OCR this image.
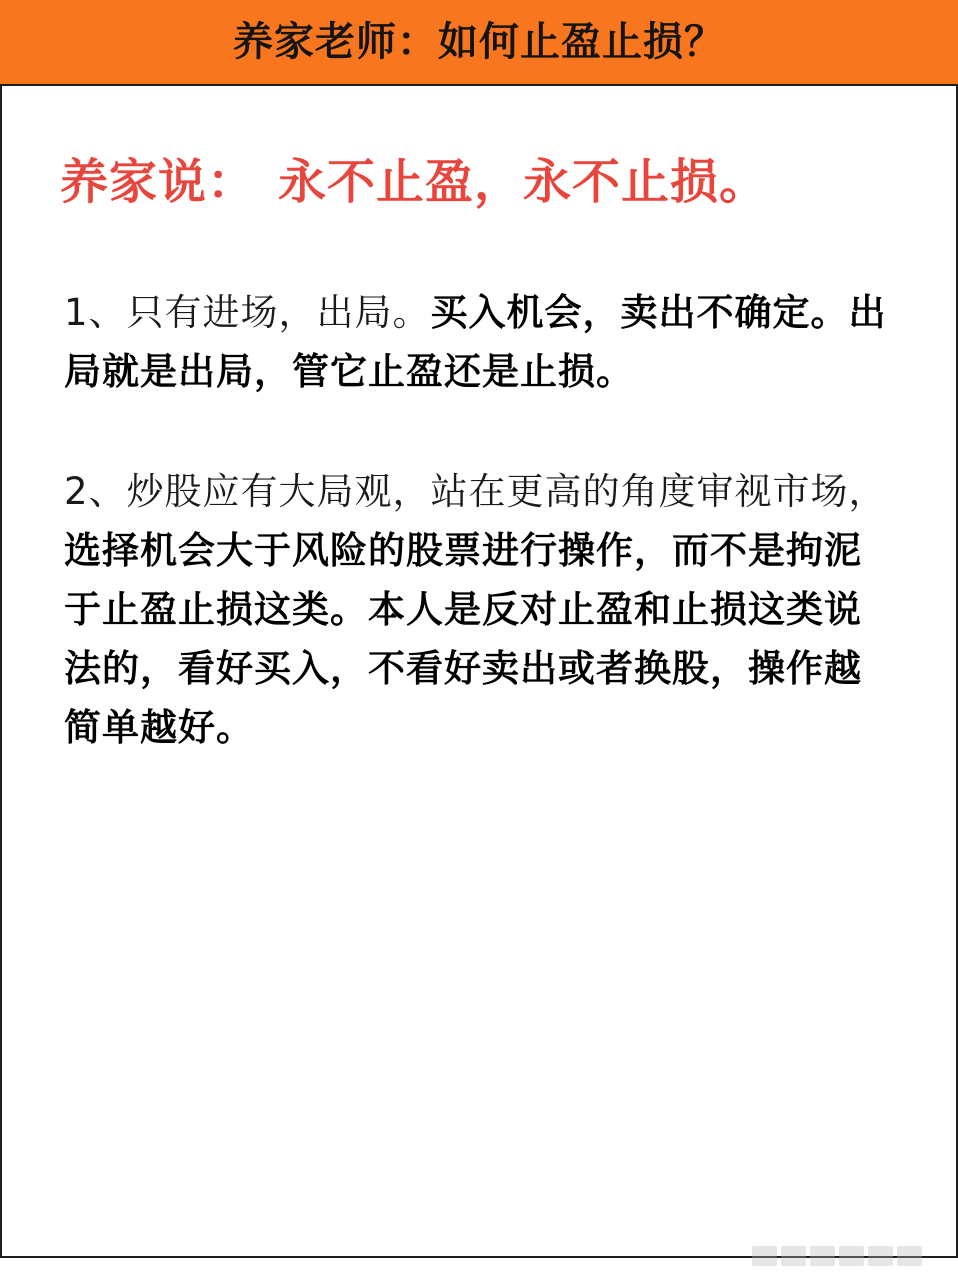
养家老师：如何止盈止损？
养家说： 永不止盈，永不止损。
1、只有进场，出局。买入机会，卖出不确定。出局就是出局，管它止盈还是止损。
2、炒股应有大局观，站在更高的角度审视市场，选择机会大于风险的股票进行操作，而不是拘泥于止盈止损这类。本人是反对止盈和止损这类说法的，看好买入，不看好卖出或者换股，操作越简单越好。
